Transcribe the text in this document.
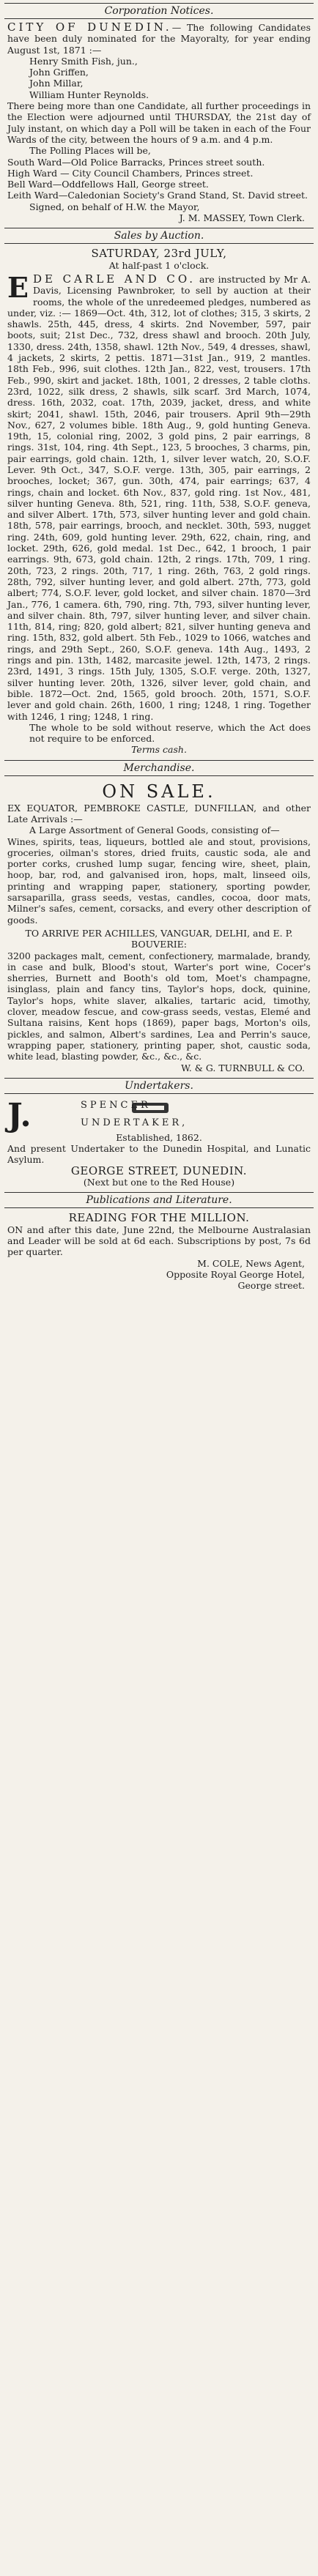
Corporation Notices.
CITY OF DUNEDIN.— The following Candidates have been duly nominated for the Mayoralty, for year ending August 1st, 1871 :—
Henry Smith Fish, jun.,
John Griffen,
John Millar,
William Hunter Reynolds.
There being more than one Candidate, all further proceedings in the Election were adjourned until THURSDAY, the 21st day of July instant, on which day a Poll will be taken in each of the Four Wards of the city, between the hours of 9 a.m. and 4 p.m.
The Polling Places will be,
South Ward—Old Police Barracks, Princes street south.
High Ward — City Council Chambers, Princes street.
Bell Ward—Oddfellows Hall, George street.
Leith Ward—Caledonian Society's Grand Stand, St. David street.
Signed, on behalf of H.W. the Mayor,
J. M. MASSEY, Town Clerk.
Sales by Auction.
SATURDAY, 23rd JULY,
At half-past 1 o'clock.
E DE CARLE AND CO. are instructed by Mr A. Davis, Licensing Pawnbroker, to sell by auction at their rooms, the whole of the unredeemed pledges, numbered as under, viz. :— 1869—Oct. 4th, 312, lot of clothes; 315, 3 skirts, 2 shawls. 25th, 445, dress, 4 skirts. 2nd November, 597, pair boots, suit; 21st Dec., 732, dress shawl and brooch. 20th July, 1330, dress. 24th, 1358, shawl. 12th Nov., 549, 4 dresses, shawl, 4 jackets, 2 skirts, 2 pettis. 1871—31st Jan., 919, 2 mantles. 18th Feb., 996, suit clothes. 12th Jan., 822, vest, trousers. 17th Feb., 990, skirt and jacket. 18th, 1001, 2 dresses, 2 table cloths. 23rd, 1022, silk dress, 2 shawls, silk scarf. 3rd March, 1074, dress. 16th, 2032, coat. 17th, 2039, jacket, dress, and white skirt; 2041, shawl. 15th, 2046, pair trousers. April 9th—29th Nov., 627, 2 volumes bible. 18th Aug., 9, gold hunting Geneva. 19th, 15, colonial ring, 2002, 3 gold pins, 2 pair earrings, 8 rings. 31st, 104, ring. 4th Sept., 123, 5 brooches, 3 charms, pin, pair earrings, gold chain. 12th, 1, silver lever watch, 20, S.O.F. Lever. 9th Oct., 347, S.O.F. verge. 13th, 305, pair earrings, 2 brooches, locket; 367, gun. 30th, 474, pair earrings; 637, 4 rings, chain and locket. 6th Nov., 837, gold ring. 1st Nov., 481, silver hunting Geneva. 8th, 521, ring. 11th, 538, S.O.F. geneva, and silver Albert. 17th, 573, silver hunting lever and gold chain. 18th, 578, pair earrings, brooch, and necklet. 30th, 593, nugget ring. 24th, 609, gold hunting lever. 29th, 622, chain, ring, and locket. 29th, 626, gold medal. 1st Dec., 642, 1 brooch, 1 pair earrings. 9th, 673, gold chain. 12th, 2 rings. 17th, 709, 1 ring. 20th, 723, 2 rings. 20th, 717, 1 ring. 26th, 763, 2 gold rings. 28th, 792, silver hunting lever, and gold albert. 27th, 773, gold albert; 774, S.O.F. lever, gold locket, and silver chain. 1870—3rd Jan., 776, 1 camera. 6th, 790, ring. 7th, 793, silver hunting lever, and silver chain. 8th, 797, silver hunting lever, and silver chain. 11th, 814, ring; 820, gold albert; 821, silver hunting geneva and ring. 15th, 832, gold albert. 5th Feb., 1029 to 1066, watches and rings, and 29th Sept., 260, S.O.F. geneva. 14th Aug., 1493, 2 rings and pin. 13th, 1482, marcasite jewel. 12th, 1473, 2 rings. 23rd, 1491, 3 rings. 15th July, 1305, S.O.F. verge. 20th, 1327, silver hunting lever. 20th, 1326, silver lever, gold chain, and bible. 1872—Oct. 2nd, 1565, gold brooch. 20th, 1571, S.O.F. lever and gold chain. 26th, 1600, 1 ring; 1248, 1 ring. Together with 1246, 1 ring; 1248, 1 ring.
The whole to be sold without reserve, which the Act does not require to be enforced.
Terms cash.
Merchandise.
ON SALE.
EX EQUATOR, PEMBROKE CASTLE, DUNFILLAN, and other Late Arrivals :—
A Large Assortment of General Goods, consisting of—
Wines, spirits, teas, liqueurs, bottled ale and stout, provisions, groceries, oilman's stores, dried fruits, caustic soda, ale and porter corks, crushed lump sugar, fencing wire, sheet, plain, hoop, bar, rod, and galvanised iron, hops, malt, linseed oils, printing and wrapping paper, stationery, sporting powder, sarsaparilla, grass seeds, vestas, candles, cocoa, door mats, Milner's safes, cement, corsacks, and every other description of goods.
TO ARRIVE PER ACHILLES, VANGUAR, DELHI, and E. P. BOUVERIE:
3200 packages malt, cement, confectionery, marmalade, brandy, in case and bulk, Blood's stout, Warter's port wine, Cocer's sherries, Burnett and Booth's old tom, Moet's champagne, isinglass, plain and fancy tins, Taylor's hops, dock, quinine, Taylor's hops, white slaver, alkalies, tartaric acid, timothy, clover, meadow fescue, and cow-grass seeds, vestas, Elemé and Sultana raisins, Kent hops (1869), paper bags, Morton's oils, pickles, and salmon, Albert's sardines, Lea and Perrin's sauce, wrapping paper, stationery, printing paper, shot, caustic soda, white lead, blasting powder, &c., &c., &c.
W. & G. TURNBULL & CO.
Undertakers.
J.	SPENCER
UNDERTAKER,
Established, 1862.
And present Undertaker to the Dunedin Hospital, and Lunatic Asylum.
GEORGE STREET, DUNEDIN.
(Next but one to the Red House)
Publications and Literature.
READING FOR THE MILLION.
ON and after this date, June 22nd, the Melbourne Australasian and Leader will be sold at 6d each. Subscriptions by post, 7s 6d per quarter.
M. COLE, News Agent,
Opposite Royal George Hotel,
George street.
